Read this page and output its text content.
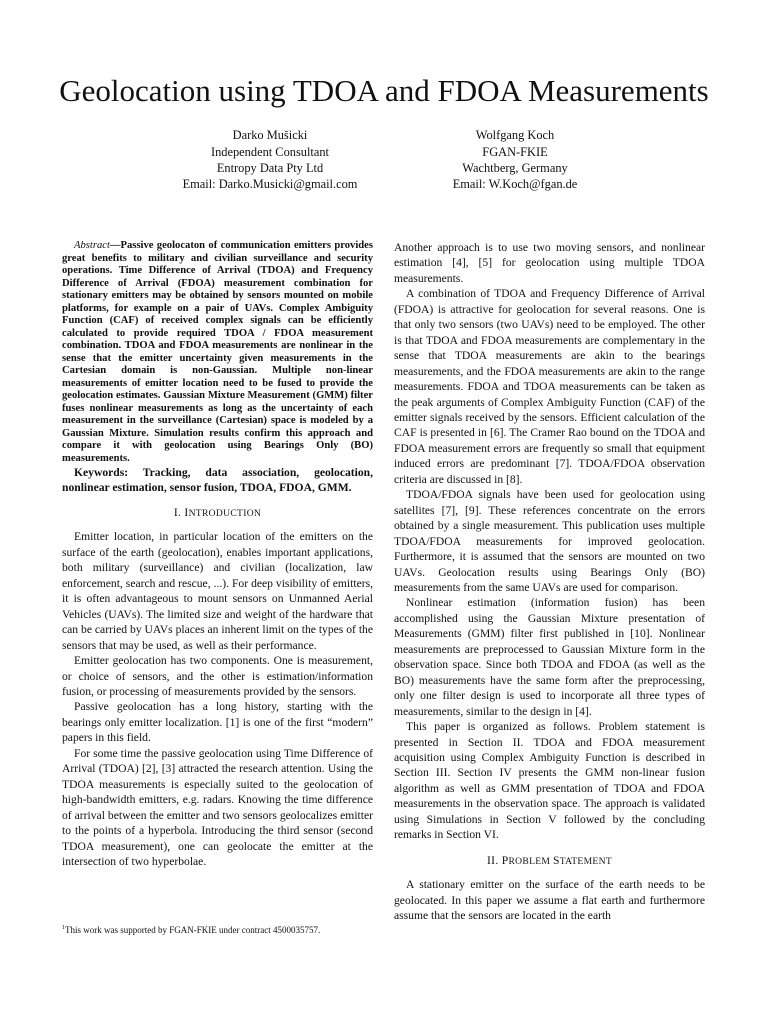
Geolocation using TDOA and FDOA Measurements
Darko Mušicki
Independent Consultant
Entropy Data Pty Ltd
Email: Darko.Musicki@gmail.com
Wolfgang Koch
FGAN-FKIE
Wachtberg, Germany
Email: W.Koch@fgan.de

Abstract—Passive geolocaton of communication emitters provides great benefits to military and civilian surveillance and security operations. Time Difference of Arrival (TDOA) and Frequency Difference of Arrival (FDOA) measurement combination for stationary emitters may be obtained by sensors mounted on mobile platforms, for example on a pair of UAVs. Complex Ambiguity Function (CAF) of received complex signals can be efficiently calculated to provide required TDOA / FDOA measurement combination. TDOA and FDOA measurements are nonlinear in the sense that the emitter uncertainty given measurements in the Cartesian domain is non-Gaussian. Multiple non-linear measurements of emitter location need to be fused to provide the geolocation estimates. Gaussian Mixture Measurement (GMM) filter fuses nonlinear measurements as long as the uncertainty of each measurement in the surveillance (Cartesian) space is modeled by a Gaussian Mixture. Simulation results confirm this approach and compare it with geolocation using Bearings Only (BO) measurements.

Keywords: Tracking, data association, geolocation, nonlinear estimation, sensor fusion, TDOA, FDOA, GMM.

I. INTRODUCTION

Emitter location, in particular location of the emitters on the surface of the earth (geolocation), enables important applications, both military (surveillance) and civilian (localization, law enforcement, search and rescue, ...). For deep visibility of emitters, it is often advantageous to mount sensors on Unmanned Aerial Vehicles (UAVs). The limited size and weight of the hardware that can be carried by UAVs places an inherent limit on the types of the sensors that may be used, as well as their performance.

Emitter geolocation has two components. One is measurement, or choice of sensors, and the other is estimation/information fusion, or processing of measurements provided by the sensors.

Passive geolocation has a long history, starting with the bearings only emitter localization. [1] is one of the first “modern” papers in this field.

For some time the passive geolocation using Time Difference of Arrival (TDOA) [2], [3] attracted the research attention. Using the TDOA measurements is especially suited to the geolocation of high-bandwidth emitters, e.g. radars. Knowing the time difference of arrival between the emitter and two sensors geolocalizes emitter to the points of a hyperbola. Introducing the third sensor (second TDOA measurement), one can geolocate the emitter at the intersection of two hyperbolae.

$^1$This work was supported by FGAN-FKIE under contract 4500035757.

Another approach is to use two moving sensors, and nonlinear estimation [4], [5] for geolocation using multiple TDOA measurements.

A combination of TDOA and Frequency Difference of Arrival (FDOA) is attractive for geolocation for several reasons. One is that only two sensors (two UAVs) need to be employed. The other is that TDOA and FDOA measurements are complementary in the sense that TDOA measurements are akin to the bearings measurements, and the FDOA measurements are akin to the range measurements. FDOA and TDOA measurements can be taken as the peak arguments of Complex Ambiguity Function (CAF) of the emitter signals received by the sensors. Efficient calculation of the CAF is presented in [6]. The Cramer Rao bound on the TDOA and FDOA measurement errors are frequently so small that equipment induced errors are predominant [7]. TDOA/FDOA observation criteria are discussed in [8].

TDOA/FDOA signals have been used for geolocation using satellites [7], [9]. These references concentrate on the errors obtained by a single measurement. This publication uses multiple TDOA/FDOA measurements for improved geolocation. Furthermore, it is assumed that the sensors are mounted on two UAVs. Geolocation results using Bearings Only (BO) measurements from the same UAVs are used for comparison.

Nonlinear estimation (information fusion) has been accomplished using the Gaussian Mixture presentation of Measurements (GMM) filter first published in [10]. Nonlinear measurements are preprocessed to Gaussian Mixture form in the observation space. Since both TDOA and FDOA (as well as the BO) measurements have the same form after the preprocessing, only one filter design is used to incorporate all three types of measurements, similar to the design in [4].

This paper is organized as follows. Problem statement is presented in Section II. TDOA and FDOA measurement acquisition using Complex Ambiguity Function is described in Section III. Section IV presents the GMM non-linear fusion algorithm as well as GMM presentation of TDOA and FDOA measurements in the observation space. The approach is validated using Simulations in Section V followed by the concluding remarks in Section VI.

II. PROBLEM STATEMENT

A stationary emitter on the surface of the earth needs to be geolocated. In this paper we assume a flat earth and furthermore assume that the sensors are located in the earth
